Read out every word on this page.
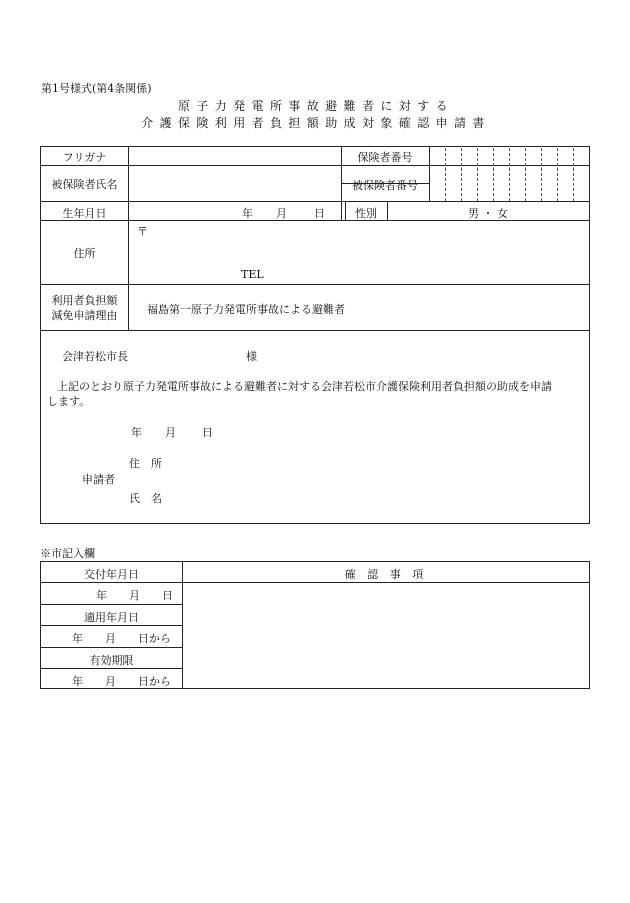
第1号様式(第4条関係)
原子力発電所事故避難者に対する
介護保険利用者負担額助成対象確認申請書
フリガナ	保険者番号
被保険者氏名	被保険者番号
生年月日	年 月 日	性別	男 ・ 女
住所
〒
TEL
利用者負担額
減免申請理由	福島第一原子力発電所事故による避難者
会津若松市長	様
上記のとおり原子力発電所事故による避難者に対する会津若松市介護保険利用者負担額の助成を申請
します。
年 月 日
住　所
申請者
氏　名
※市記入欄
交付年月日	確 認 事 項
年　　月　　日
適用年月日
年　　月　　日から
有効期限
年　　月　　日から
